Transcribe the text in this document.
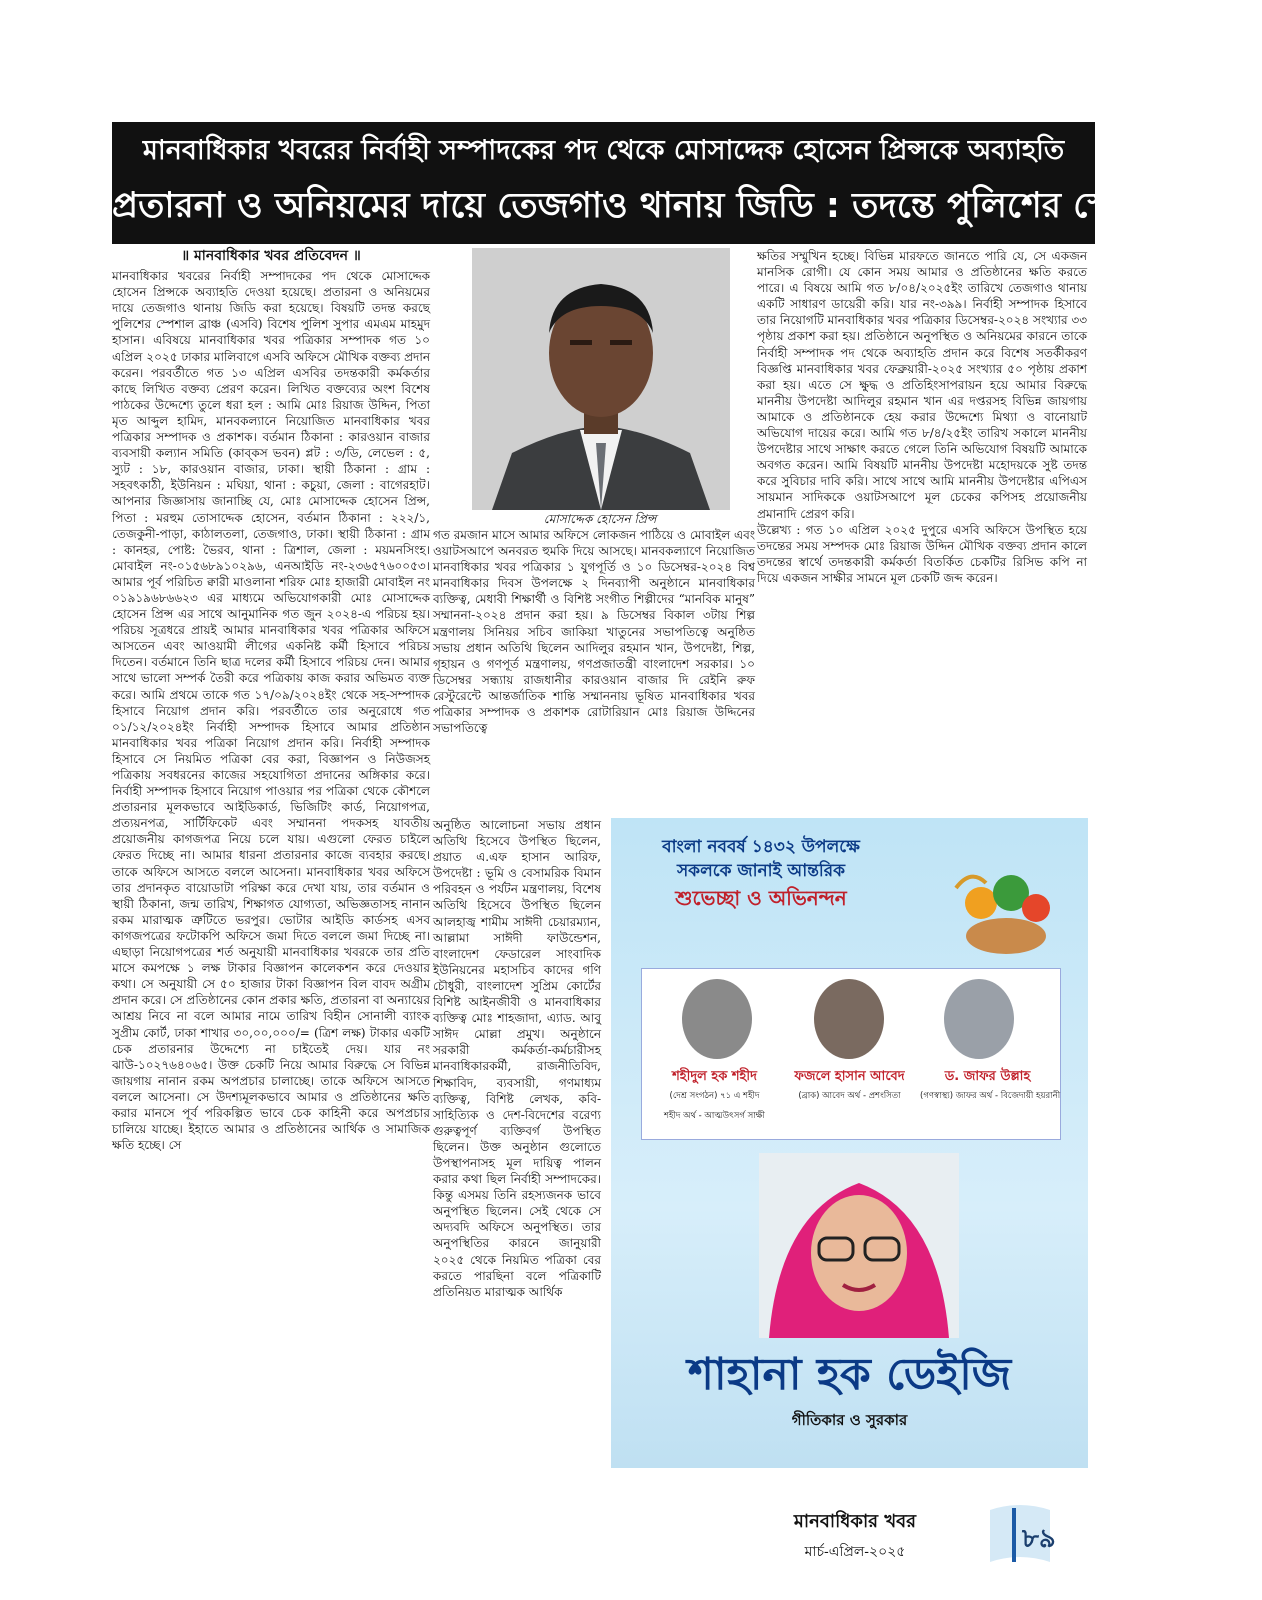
মানবাধিকার খবরের নির্বাহী সম্পাদকের পদ থেকে মোসাদ্দেক হোসেন প্রিন্সকে অব্যাহতি
প্রতারনা ও অনিয়মের দায়ে তেজগাও থানায় জিডি : তদন্তে পুলিশের স্পেশাল ব্রাঞ্চ

॥ মানবাধিকার খবর প্রতিবেদন ॥

মানবাধিকার খবরের নির্বাহী সম্পাদকের পদ থেকে মোসাদ্দেক হোসেন প্রিন্সকে অব্যাহতি দেওয়া হয়েছে। প্রতারনা ও অনিয়মের দায়ে তেজগাও থানায় জিডি করা হয়েছে। বিষয়টি তদন্ত করছে পুলিশের স্পেশাল ব্রাঞ্চ (এসবি) বিশেষ পুলিশ সুপার এমএম মাহমুদ হাসান। এবিষয়ে মানবাধিকার খবর পত্রিকার সম্পাদক গত ১০ এপ্রিল ২০২৫ ঢাকার মালিবাগে এসবি অফিসে মৌখিক বক্তব্য প্রদান করেন। পরবর্তীতে গত ১৩ এপ্রিল এসবির তদন্তকারী কর্মকর্তার কাছে লিখিত বক্তব্য প্রেরণ করেন। লিখিত বক্তব্যের অংশ বিশেষ পাঠকের উদ্দেশ্যে তুলে ধরা হল : আমি মোঃ রিয়াজ উদ্দিন, পিতা মৃত আব্দুল হামিদ, মানবকল্যানে নিয়োজিত মানবাধিকার খবর পত্রিকার সম্পাদক ও প্রকাশক। বর্তমান ঠিকানা : কারওয়ান বাজার ব্যবসায়ী কল্যান সমিতি (কাব্কস ভবন) প্লট : ৩/ডি, লেভেল : ৫, স্যুট : ১৮, কারওয়ান বাজার, ঢাকা। স্থায়ী ঠিকানা : গ্রাম : সহবৎকাঠী, ইউনিয়ন : মঘিয়া, থানা : কচুয়া, জেলা : বাগেরহাট। আপনার জিজ্ঞাসায় জানাচ্ছি যে, মোঃ মোসাদ্দেক হোসেন প্রিন্স, পিতা : মরহুম তোসাদ্দেক হোসেন, বর্তমান ঠিকানা : ২২২/১, তেজকুনী-পাড়া, কাঠালতলা, তেজগাও, ঢাকা। স্থায়ী ঠিকানা : গ্রাম : কানহর, পোষ্ট: ভৈরব, থানা : ত্রিশাল, জেলা : ময়মনসিংহ। মোবাইল নং-০১৫৬৮৯১০২৯৬, এনআইডি নং-২৩৬৫৭৬০০৫৩। আমার পূর্ব পরিচিত ক্বারী মাওলানা শরিফ মোঃ হাজারী মোবাইল নং ০১৯১৯৬৮৬৬২৩ এর মাধ্যমে অভিযোগকারী মোঃ মোসাদ্দেক হোসেন প্রিন্স এর সাথে আনুমানিক গত জুন ২০২৪-এ পরিচয় হয়। পরিচয় সূত্রধরে প্রায়ই আমার মানবাধিকার খবর পত্রিকার অফিসে আসতেন এবং আওয়ামী লীগের একনিষ্ট কর্মী হিসাবে পরিচয় দিতেন। বর্তমানে তিনি ছাত্র দলের কর্মী হিসাবে পরিচয় দেন। আমার সাথে ভালো সম্পর্ক তৈরী করে পত্রিকায় কাজ করার অভিমত ব্যক্ত করে। আমি প্রথমে তাকে গত ১৭/০৯/২০২৪ইং থেকে সহ-সম্পাদক হিসাবে নিয়োগ প্রদান করি। পরবর্তীতে তার অনুরোধে গত ০১/১২/২০২৪ইং নির্বাহী সম্পাদক হিসাবে আমার প্রতিষ্ঠান মানবাধিকার খবর পত্রিকা নিয়োগ প্রদান করি। নির্বাহী সম্পাদক হিসাবে সে নিয়মিত পত্রিকা বের করা, বিজ্ঞাপন ও নিউজসহ পত্রিকায় সবধরনের কাজের সহযোগিতা প্রদানের অঙ্গিকার করে। নির্বাহী সম্পাদক হিসাবে নিয়োগ পাওয়ার পর পত্রিকা থেকে কৌশলে প্রতারনার মূলকভাবে আইডিকার্ড, ভিজিটিং কার্ড, নিয়োগপত্র, প্রত্যয়নপত্র, সার্টিফিকেট এবং সম্মাননা পদকসহ যাবতীয় প্রয়োজনীয় কাগজপত্র নিয়ে চলে যায়। এগুলো ফেরত চাইলে ফেরত দিচ্ছে না। আমার ধারনা প্রতারনার কাজে ব্যবহার করছে। তাকে অফিসে আসতে বললে আসেনা। মানবাধিকার খবর অফিসে তার প্রদানকৃত বায়োডাটা পরিক্ষা করে দেখা যায়, তার বর্তমান ও স্থায়ী ঠিকানা, জন্ম তারিখ, শিক্ষাগত যোগ্যতা, অভিজ্ঞতাসহ নানান রকম মারাত্মক ত্রুটিতে ভরপুর। ভোটার আইডি কার্ডসহ এসব কাগজপত্রের ফটোকপি অফিসে জমা দিতে বললে জমা দিচ্ছে না। এছাড়া নিয়োগপত্রের শর্ত অনুযায়ী মানবাধিকার খবরকে তার প্রতি মাসে কমপক্ষে ১ লক্ষ টাকার বিজ্ঞাপন কালেকশন করে দেওয়ার কথা। সে অনুযায়ী সে ৫০ হাজার টাকা বিজ্ঞাপন বিল বাবদ অগ্রীম প্রদান করে। সে প্রতিষ্ঠানের কোন প্রকার ক্ষতি, প্রতারনা বা অন্যায়ের আশ্রয় নিবে না বলে আমার নামে তারিখ বিহীন সোনালী ব্যাংক সুপ্রীম কোর্ট, ঢাকা শাখার ৩০,০০,০০০/= (ত্রিশ লক্ষ) টাকার একটি চেক প্রতারনার উদ্দেশ্যে না চাইতেই দেয়। যার নং ঝাউ-১০২৭৬৪০৬৫। উক্ত চেকটি নিয়ে আমার বিরুদ্ধে সে বিভিন্ন জায়গায় নানান রকম অপপ্রচার চালাচ্ছে। তাকে অফিসে আসতে বললে আসেনা। সে উদশ্যমূলকভাবে আমার ও প্রতিষ্ঠানের ক্ষতি করার মানসে পূর্ব পরিকল্পিত ভাবে চেক কাহিনী করে অপপ্রচার চালিয়ে যাচ্ছে। ইহাতে আমার ও প্রতিষ্ঠানের আর্থিক ও সামাজিক ক্ষতি হচ্ছে। সে

মোসাদ্দেক হোসেন প্রিন্স

গত রমজান মাসে আমার অফিসে লোকজন পাঠিয়ে ও মোবাইল এবং ওয়াটসআপে অনবরত হুমকি দিয়ে আসছে। মানবকল্যাণে নিয়োজিত মানবাধিকার খবর পত্রিকার ১ যুগপূর্তি ও ১০ ডিসেম্বর-২০২৪ বিশ্ব মানবাধিকার দিবস উপলক্ষে ২ দিনব্যাপী অনুষ্ঠানে মানবাধিকার ব্যক্তিত্ব, মেধাবী শিক্ষার্থী ও বিশিষ্ট সংগীত শিল্পীদের “মানবিক মানুষ” সম্মাননা-২০২৪ প্রদান করা হয়। ৯ ডিসেম্বর বিকাল ৩টায় শিল্প মন্ত্রণালয় সিনিয়র সচিব জাকিয়া খাতুনের সভাপতিত্বে অনুষ্ঠিত সভায় প্রধান অতিথি ছিলেন আদিলুর রহমান খান, উপদেষ্টা, শিল্প, গৃহায়ন ও গণপূর্ত মন্ত্রণালয়, গণপ্রজাতন্ত্রী বাংলাদেশ সরকার। ১০ ডিসেম্বর সন্ধ্যায় রাজধানীর কারওয়ান বাজার দি রেইনি রুফ রেস্টুরেন্টে আন্তর্জাতিক শান্তি সম্মাননায় ভূষিত মানবাধিকার খবর পত্রিকার সম্পাদক ও প্রকাশক রোটারিয়ান মোঃ রিয়াজ উদ্দিনের সভাপতিত্বে

অনুষ্ঠিত আলোচনা সভায় প্রধান অতিথি হিসেবে উপস্থিত ছিলেন, প্রয়াত এ.এফ হাসান আরিফ, উপদেষ্টা : ভূমি ও বেসামরিক বিমান পরিবহন ও পর্যটন মন্ত্রণালয়, বিশেষ অতিথি হিসেবে উপস্থিত ছিলেন আলহাজ্ব শামীম সাঈদী চেয়ারম্যান, আল্লামা সাঈদী ফাউন্ডেশন, বাংলাদেশ ফেডারেল সাংবাদিক ইউনিয়নের মহাসচিব কাদের গণি চৌধুরী, বাংলাদেশ সুপ্রিম কোর্টের বিশিষ্ট আইনজীবী ও মানবাধিকার ব্যক্তিত্ব মোঃ শাহজাদা, এ্যাড. আবু সাঈদ মোল্লা প্রমুখ। অনুষ্ঠানে সরকারী কর্মকর্তা-কর্মচারীসহ মানবাধিকারকর্মী, রাজনীতিবিদ, শিক্ষাবিদ, ব্যবসায়ী, গণমাধ্যম ব্যক্তিত্ব, বিশিষ্ট লেখক, কবি-সাহিত্যিক ও দেশ-বিদেশের বরেণ্য গুরুত্বপূর্ণ ব্যক্তিবর্গ উপস্থিত ছিলেন। উক্ত অনুষ্ঠান গুলোতে উপস্থাপনাসহ মূল দায়িত্ব পালন করার কথা ছিল নির্বাহী সম্পাদকের। কিন্তু এসময় তিনি রহস্যজনক ভাবে অনুপস্থিত ছিলেন। সেই থেকে সে অদ্যবদি অফিসে অনুপস্থিত। তার অনুপস্থিতির কারনে জানুয়ারী ২০২৫ থেকে নিয়মিত পত্রিকা বের করতে পারছিনা বলে পত্রিকাটি প্রতিনিয়ত মারাত্মক আর্থিক

ক্ষতির সম্মুখিন হচ্ছে। বিভিন্ন মারফতে জানতে পারি যে, সে একজন মানসিক রোগী। যে কোন সময় আমার ও প্রতিষ্ঠানের ক্ষতি করতে পারে। এ বিষয়ে আমি গত ৮/০৪/২০২৫ইং তারিখে তেজগাও থানায় একটি সাধারণ ডায়েরী করি। যার নং-৩৯৯। নির্বাহী সম্পাদক হিসাবে তার নিয়োগটি মানবাধিকার খবর পত্রিকার ডিসেম্বর-২০২৪ সংখ্যার ৩৩ পৃষ্ঠায় প্রকাশ করা হয়। প্রতিষ্ঠানে অনুপস্থিত ও অনিয়মের কারনে তাকে নির্বাহী সম্পাদক পদ থেকে অব্যাহতি প্রদান করে বিশেষ সতর্কীকরণ বিজ্ঞপ্তি মানবাধিকার খবর ফেব্রুয়ারী-২০২৫ সংখ্যার ৫০ পৃষ্ঠায় প্রকাশ করা হয়। এতে সে ক্ষুদ্ধ ও প্রতিহিংসাপরায়ন হয়ে আমার বিরুদ্ধে মাননীয় উপদেষ্টা আদিলুর রহমান খান এর দপ্তরসহ বিভিন্ন জায়গায় আমাকে ও প্রতিষ্ঠানকে হেয় করার উদ্দেশ্যে মিথ্যা ও বানোয়াট অভিযোগ দায়ের করে। আমি গত ৮/৪/২৫ইং তারিখ সকালে মাননীয় উপদেষ্টার সাথে সাক্ষাৎ করতে গেলে তিনি অভিযোগ বিষয়টি আমাকে অবগত করেন। আমি বিষয়টি মাননীয় উপদেষ্টা মহোদয়কে সুষ্ট তদন্ত করে সুবিচার দাবি করি। সাথে সাথে আমি মাননীয় উপদেষ্টার এপিএস সায়মান সাদিককে ওয়াটসআপে মূল চেকের কপিসহ প্রয়োজনীয় প্রমানাদি প্রেরণ করি।

উল্লেখ্য : গত ১০ এপ্রিল ২০২৫ দুপুরে এসবি অফিসে উপস্থিত হয়ে তদন্তের সময় সম্পদক মোঃ রিয়াজ উদ্দিন মৌখিক বক্তব্য প্রদান কালে তদন্তের স্বার্থে তদন্তকারী কর্মকর্তা বিতর্কিত চেকটির রিসিভ কপি না দিয়ে একজন সাক্ষীর সামনে মূল চেকটি জব্দ করেন।

বাংলা নববর্ষ ১৪৩২ উপলক্ষে
সকলকে জানাই আন্তরিক
শুভেচ্ছা ও অভিনন্দন
শহীদুল হক শহীদ
(দেশ্র সংগঠন) ৭১ এ শহীদ
শহীদ অর্থ - আত্মউৎসর্গ সাক্ষী
ফজলে হাসান আবেদ
(ব্রাক) আবেদ অর্থ - প্রশংসিতা
ড. জাফর উল্লাহ
(গণস্বাস্থ্য) জাফর অর্থ - বিজেদায়ী হয়রানী
শাহানা হক ডেইজি
গীতিকার ও সুরকার
মানবাধিকার খবর
মার্চ-এপ্রিল-২০২৫	৮৯
